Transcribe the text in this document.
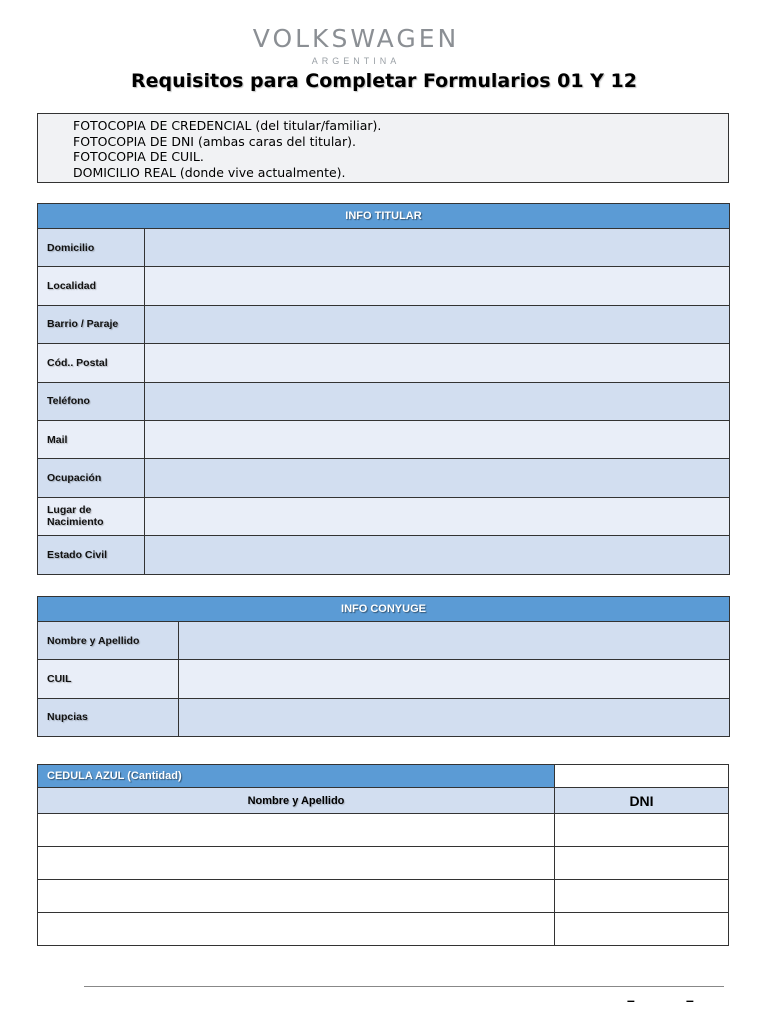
VOLKSWAGEN
ARGENTINA
Requisitos para Completar Formularios 01 Y 12
FOTOCOPIA DE CREDENCIAL (del titular/familiar).
FOTOCOPIA DE DNI (ambas caras del titular).
FOTOCOPIA DE CUIL.
DOMICILIO REAL (donde vive actualmente).
INFO TITULAR	
Domicilio	
Localidad	
Barrio / Paraje	
Cód.. Postal	
Teléfono	
Mail	
Ocupación	
Lugar de Nacimiento	
Estado Civil	
INFO CONYUGE	
Nombre y Apellido	
CUIL	
Nupcias	
CEDULA AZUL (Cantidad)	
Nombre y Apellido	DNI

–	–
